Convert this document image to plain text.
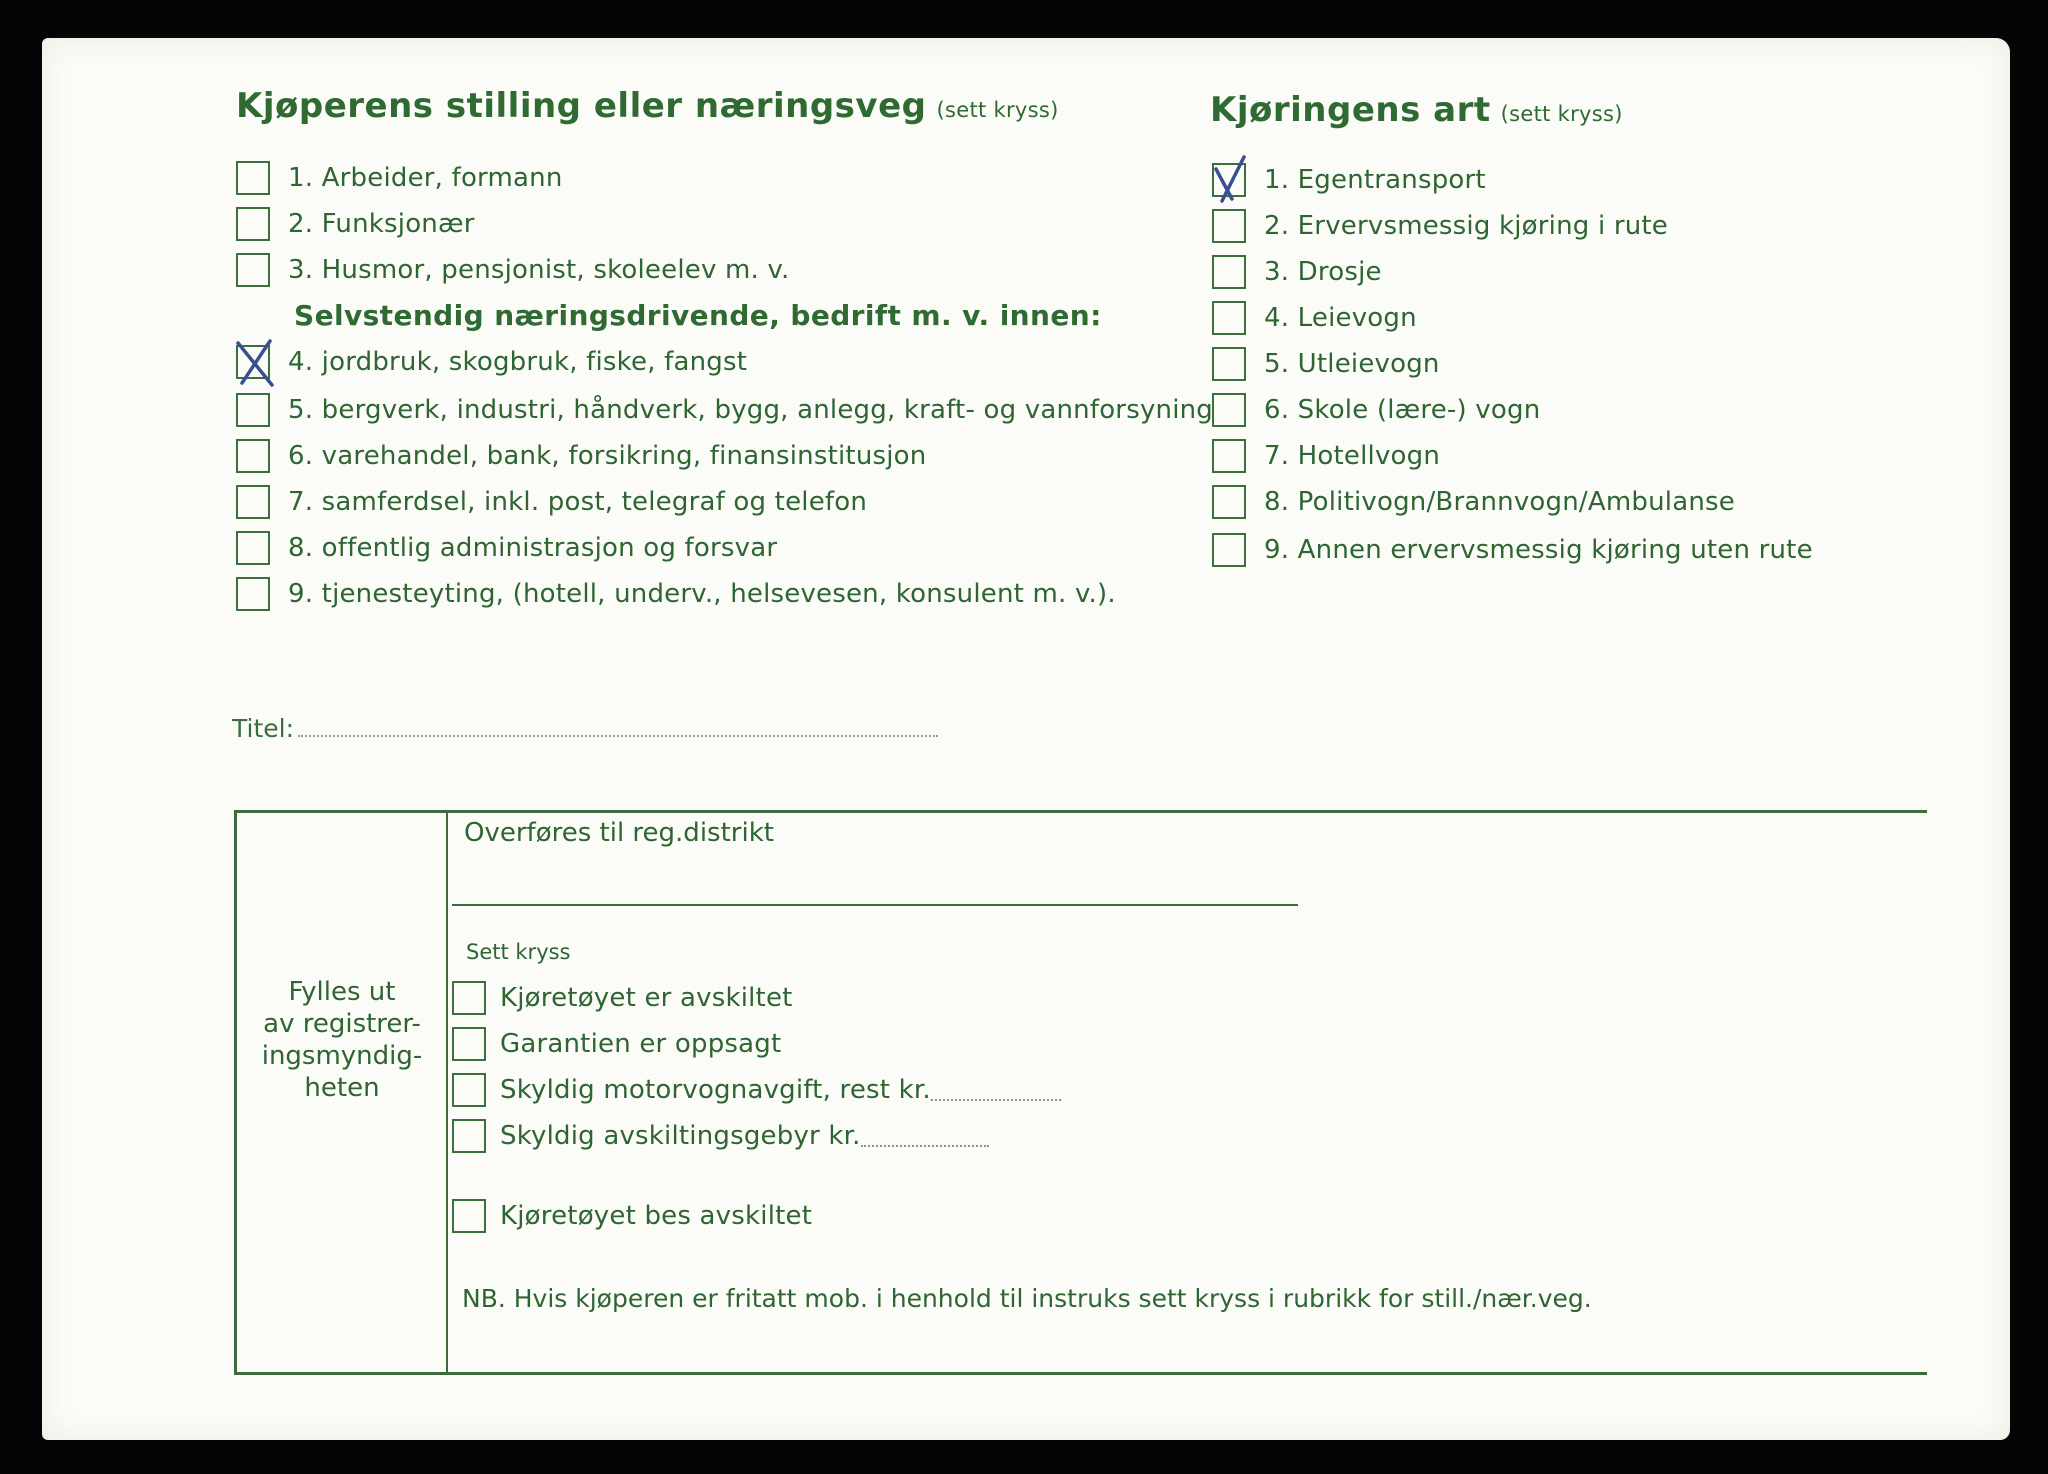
Kjøperens stilling eller næringsveg (sett kryss)
1. Arbeider, formann
2. Funksjonær
3. Husmor, pensjonist, skoleelev m. v.
Selvstendig næringsdrivende, bedrift m. v. innen:
4. jordbruk, skogbruk, fiske, fangst
5. bergverk, industri, håndverk, bygg, anlegg, kraft- og vannforsyning
6. varehandel, bank, forsikring, finansinstitusjon
7. samferdsel, inkl. post, telegraf og telefon
8. offentlig administrasjon og forsvar
9. tjenesteyting, (hotell, underv., helsevesen, konsulent m. v.).
Kjøringens art (sett kryss)
1. Egentransport
2. Ervervsmessig kjøring i rute
3. Drosje
4. Leievogn
5. Utleievogn
6. Skole (lære-) vogn
7. Hotellvogn
8. Politivogn/Brannvogn/Ambulanse
9. Annen ervervsmessig kjøring uten rute
Titel:
Fylles ut
av registrer-
ingsmyndig-
heten
Overføres til reg.distrikt
Sett kryss
Kjøretøyet er avskiltet
Garantien er oppsagt
Skyldig motorvognavgift, rest kr.
Skyldig avskiltingsgebyr kr.
Kjøretøyet bes avskiltet
NB. Hvis kjøperen er fritatt mob. i henhold til instruks sett kryss i rubrikk for still./nær.veg.
